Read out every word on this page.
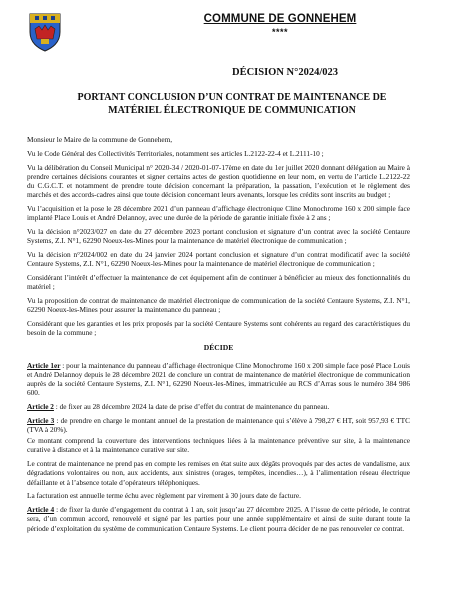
COMMUNE DE GONNEHEM
****
DÉCISION N°2024/023
PORTANT CONCLUSION D’UN CONTRAT DE MAINTENANCE DE MATÉRIEL ÉLECTRONIQUE DE COMMUNICATION

Monsieur le Maire de la commune de Gonnehem,

Vu le Code Général des Collectivités Territoriales, notamment ses articles L.2122-22-4 et L.2111-10 ;

Vu la délibération du Conseil Municipal n° 2020-34 / 2020-01-07-17ème en date du 1er juillet 2020 donnant délégation au Maire à prendre certaines décisions courantes et signer certains actes de gestion quotidienne en leur nom, en vertu de l’article L.2122-22 du C.G.C.T. et notamment de prendre toute décision concernant la préparation, la passation, l’exécution et le règlement des marchés et des accords-cadres ainsi que toute décision concernant leurs avenants, lorsque les crédits sont inscrits au budget ;

Vu l’acquisition et la pose le 28 décembre 2021 d’un panneau d’affichage électronique Cline Monochrome 160 x 200 simple face implanté Place Louis et André Delannoy, avec une durée de la période de garantie initiale fixée à 2 ans ;

Vu la décision n°2023/027 en date du 27 décembre 2023 portant conclusion et signature d’un contrat avec la société Centaure Systems, Z.I. N°1, 62290 Noeux-les-Mines pour la maintenance de matériel électronique de communication ;

Vu la décision n°2024/002 en date du 24 janvier 2024 portant conclusion et signature d’un contrat modificatif avec la société Centaure Systems, Z.I. N°1, 62290 Noeux-les-Mines pour la maintenance de matériel électronique de communication ;

Considérant l’intérêt d’effectuer la maintenance de cet équipement afin de continuer à bénéficier au mieux des fonctionnalités du matériel ;

Vu la proposition de contrat de maintenance de matériel électronique de communication de la société Centaure Systems, Z.I. N°1, 62290 Noeux-les-Mines pour assurer la maintenance du panneau ;

Considérant que les garanties et les prix proposés par la société Centaure Systems sont cohérents au regard des caractéristiques du besoin de la commune ;

DÉCIDE

Article 1er : pour la maintenance du panneau d’affichage électronique Cline Monochrome 160 x 200 simple face posé Place Louis et André Delannoy depuis le 28 décembre 2021 de conclure un contrat de maintenance de matériel électronique de communication auprès de la société Centaure Systems, Z.I. N°1, 62290 Noeux-les-Mines, immatriculée au RCS d’Arras sous le numéro 384 986 600.

Article 2 : de fixer au 28 décembre 2024 la date de prise d’effet du contrat de maintenance du panneau.

Article 3 : de prendre en charge le montant annuel de la prestation de maintenance qui s’élève à 798,27 € HT, soit 957,93 € TTC (TVA à 20%).

Ce montant comprend la couverture des interventions techniques liées à la maintenance préventive sur site, à la maintenance curative à distance et à la maintenance curative sur site.

Le contrat de maintenance ne prend pas en compte les remises en état suite aux dégâts provoqués par des actes de vandalisme, aux dégradations volontaires ou non, aux accidents, aux sinistres (orages, tempêtes, incendies…), à l’alimentation réseau électrique défaillante et à l’absence totale d’opérateurs téléphoniques.

La facturation est annuelle terme échu avec règlement par virement à 30 jours date de facture.

Article 4 : de fixer la durée d’engagement du contrat à 1 an, soit jusqu’au 27 décembre 2025. A l’issue de cette période, le contrat sera, d’un commun accord, renouvelé et signé par les parties pour une année supplémentaire et ainsi de suite durant toute la période d’exploitation du système de communication Centaure Systems. Le client pourra décider de ne pas renouveler ce contrat.
